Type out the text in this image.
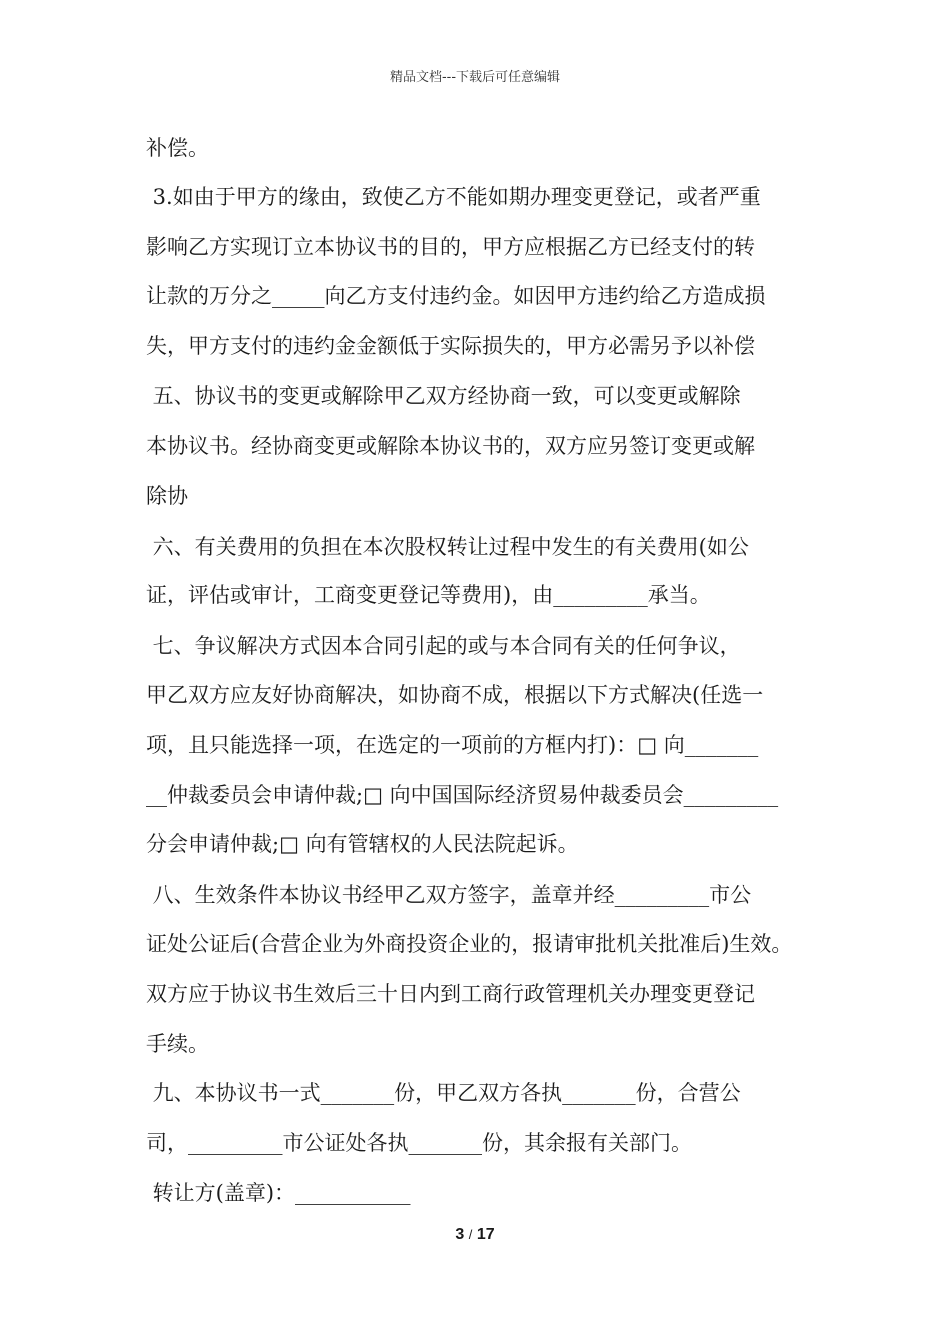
精品文档---下载后可任意编辑
补偿。
3.如由于甲方的缘由，致使乙方不能如期办理变更登记，或者严重
影响乙方实现订立本协议书的目的，甲方应根据乙方已经支付的转
让款的万分之_____向乙方支付违约金。如因甲方违约给乙方造成损
失，甲方支付的违约金金额低于实际损失的，甲方必需另予以补偿
五、协议书的变更或解除甲乙双方经协商一致，可以变更或解除
本协议书。经协商变更或解除本协议书的，双方应另签订变更或解
除协
六、有关费用的负担在本次股权转让过程中发生的有关费用(如公
证，评估或审计，工商变更登记等费用)，由_________承当。
七、争议解决方式因本合同引起的或与本合同有关的任何争议，
甲乙双方应友好协商解决，如协商不成，根据以下方式解决(任选一
项，且只能选择一项，在选定的一项前的方框内打)：□ 向_______
__仲裁委员会申请仲裁;□ 向中国国际经济贸易仲裁委员会_________
分会申请仲裁;□ 向有管辖权的人民法院起诉。
八、生效条件本协议书经甲乙双方签字，盖章并经_________市公
证处公证后(合营企业为外商投资企业的，报请审批机关批准后)生效。
双方应于协议书生效后三十日内到工商行政管理机关办理变更登记
手续。
九、本协议书一式_______份，甲乙双方各执_______份，合营公
司，_________市公证处各执_______份，其余报有关部门。
转让方(盖章)：___________
3 / 17
